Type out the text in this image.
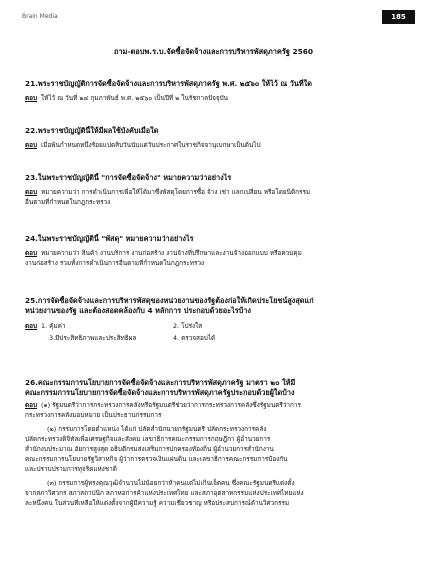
Brain Media	185
ถาม-ตอบพ.ร.บ.จัดซื้อจัดจ้างและการบริหารพัสดุภาครัฐ 2560
21.พระราชบัญญัติการจัดซื้อจัดจ้างและการบริหารพัสดุภาครัฐ พ.ศ. ๒๕๖๐ ให้ไว้ ณ วันที่ใด
ตอบ ให้ไว้ ณ วันที่ ๒๔ กุมภาพันธ์ พ.ศ. ๒๕๖๐ เป็นปีที่ ๒ ในรัชกาลปัจจุบัน
22.พระราชบัญญัตินี้ให้มีผลใช้บังคับเมื่อใด
ตอบ เมื่อพ้นกำหนดหนึ่งร้อยแปดสิบวันนับแต่วันประกาศในราชกิจจานุเบกษาเป็นต้นไป
23.ในพระราชบัญญัตินี้ "การจัดซื้อจัดจ้าง" หมายความว่าอย่างไร
ตอบ หมายความว่า การดำเนินการเพื่อให้ได้มาซึ่งพัสดุโดยการซื้อ จ้าง เช่า แลกเปลี่ยน หรือโดยนิติกรรม
อื่นตามที่กำหนดในกฎกระทรวง
24.ในพระราชบัญญัตินี้ "พัสดุ" หมายความว่าอย่างไร
ตอบ หมายความว่า สินค้า งานบริการ งานก่อสร้าง งานจ้างที่ปรึกษาและงานจ้างออกแบบ หรือควบคุม
งานก่อสร้าง รวมทั้งการดำเนินการอื่นตามที่กำหนดในกฎกระทรวง
25.การจัดซื้อจัดจ้างและการบริหารพัสดุของหน่วยงานของรัฐต้องก่อให้เกิดประโยชน์สูงสุดแก่
หน่วยงานของรัฐ และต้องสอดคล้องกับ 4 หลักการ ประกอบด้วยอะไรบ้าง
ตอบ 1. คุ้มค่า	2. โปร่งใส
3.มีประสิทธิภาพและประสิทธิผล	4. ตรวจสอบได้
26.คณะกรรมการนโยบายการจัดซื้อจัดจ้างและการบริหารพัสดุภาครัฐ มาตรา ๒๐ ให้มี
คณะกรรมการนโยบายการจัดซื้อจัดจ้างและการบริหารพัสดุภาครัฐประกอบด้วยผู้ใดบ้าง
ตอบ (๑) รัฐมนตรีว่าการกระทรวงการคลังหรือรัฐมนตรีช่วยว่าการกระทรวงการคลังซึ่งรัฐมนตรีว่าการ
กระทรวงการคลังมอบหมาย เป็นประธานกรรมการ
(๒) กรรมการโดยตำแหน่ง ได้แก่ ปลัดสำนักนายกรัฐมนตรี ปลัดกระทรวงการคลัง
ปลัดกระทรวงดิจิทัลเพื่อเศรษฐกิจและสังคม เลขาธิการคณะกรรมการกฤษฎีกา ผู้อำนวยการ
สำนักงบประมาณ อัยการสูงสุด อธิบดีกรมส่งเสริมการปกครองท้องถิ่น ผู้อำนวยการสำนักงาน
คณะกรรมการนโยบายรัฐวิสาหกิจ ผู้ว่าการตรวจเงินแผ่นดิน และเลขาธิการคณะกรรมการป้องกัน
และปราบปรามการทุจริตแห่งชาติ
(๓) กรรมการผู้ทรงคุณวุฒิจำนวนไม่น้อยกว่าห้าคนแต่ไม่เกินเจ็ดคน ซึ่งคณะรัฐมนตรีแต่งตั้ง
จากสภาวิศวกร สภาสถาปนิก สภาหอการค้าแห่งประเทศไทย และสภาอุตสาหกรรมแห่งประเทศไทยแห่ง
ละหนึ่งคน ในส่วนที่เหลือให้แต่งตั้งจากผู้มีความรู้ ความเชี่ยวชาญ หรือประสบการณ์ด้านวิศวกรรม
